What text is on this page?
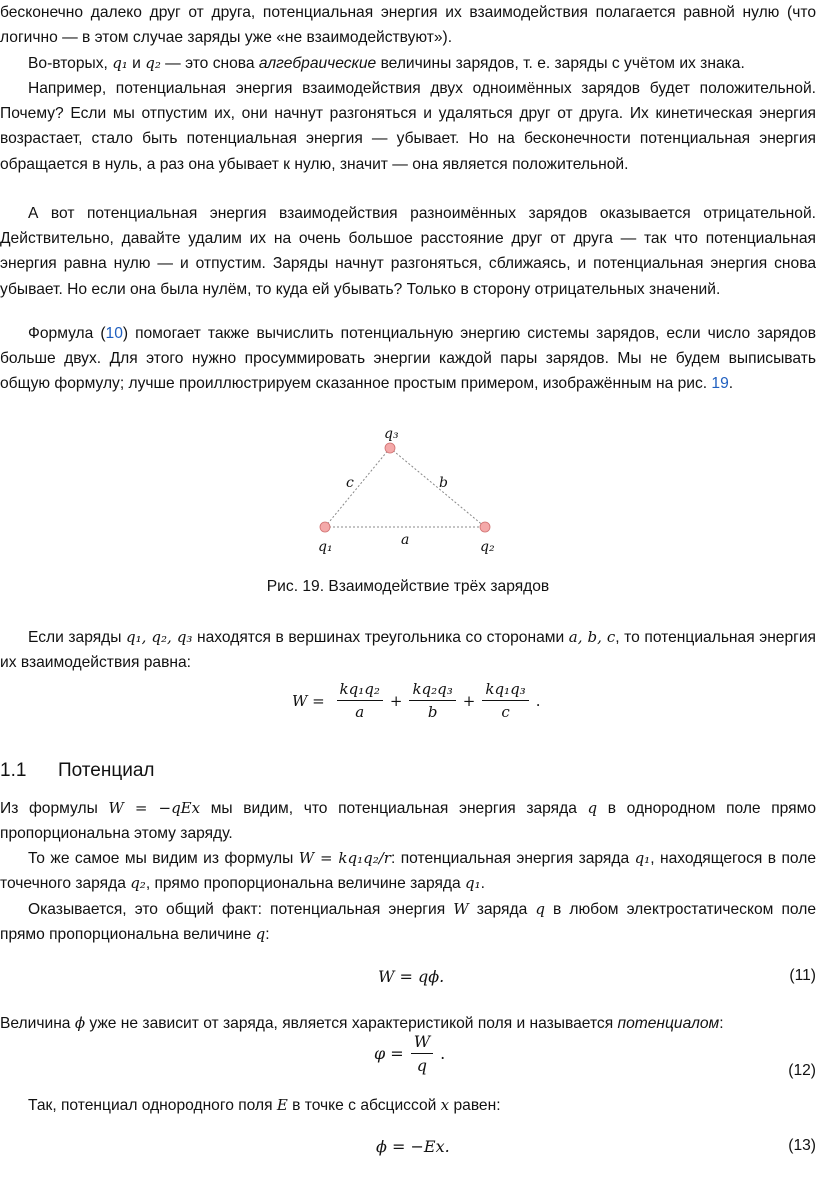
бесконечно далеко друг от друга, потенциальная энергия их взаимодействия полагается равной нулю (что логично — в этом случае заряды уже «не взаимодействуют»).

Во-вторых, q₁ и q₂ — это снова алгебраические величины зарядов, т. е. заряды с учётом их знака.

Например, потенциальная энергия взаимодействия двух одноимённых зарядов будет положительной. Почему? Если мы отпустим их, они начнут разгоняться и удаляться друг от друга. Их кинетическая энергия возрастает, стало быть потенциальная энергия — убывает. Но на бесконечности потенциальная энергия обращается в нуль, а раз она убывает к нулю, значит — она является положительной.

А вот потенциальная энергия взаимодействия разноимённых зарядов оказывается отрицательной. Действительно, давайте удалим их на очень большое расстояние друг от друга — так что потенциальная энергия равна нулю — и отпустим. Заряды начнут разгоняться, сближаясь, и потенциальная энергия снова убывает. Но если она была нулём, то куда ей убывать? Только в сторону отрицательных значений.

Формула (10) помогает также вычислить потенциальную энергию системы зарядов, если число зарядов больше двух. Для этого нужно просуммировать энергии каждой пары зарядов. Мы не будем выписывать общую формулу; лучше проиллюстрируем сказанное простым примером, изображённым на рис. 19.

q₃
q₁	q₂
a
b
c
Рис. 19. Взаимодействие трёх зарядов

Если заряды q₁, q₂, q₃ находятся в вершинах треугольника со сторонами a, b, c, то потенциальная энергия их взаимодействия равна:

$W = \frac{\text{kq₁q₂}}{a} + \frac{\text{kq₂q₃}}{b} + \frac{\text{kq₁q₃}}{c}$ .
1.1 Потенциал

Из формулы W = −qEx мы видим, что потенциальная энергия заряда q в однородном поле прямо пропорциональна этому заряду.

То же самое мы видим из формулы W = kq₁q₂/r: потенциальная энергия заряда q₁, находящегося в поле точечного заряда q₂, прямо пропорциональна величине заряда q₁.

Оказывается, это общий факт: потенциальная энергия W заряда q в любом электростатическом поле прямо пропорциональна величине q:

W = qϕ.	(11)

Величина ϕ уже не зависит от заряда, является характеристикой поля и называется потенциалом:

$\varphi = \frac{W}{q}$ .
(12)

Так, потенциал однородного поля E в точке с абсциссой x равен:

ϕ = −Ex.	(13)
